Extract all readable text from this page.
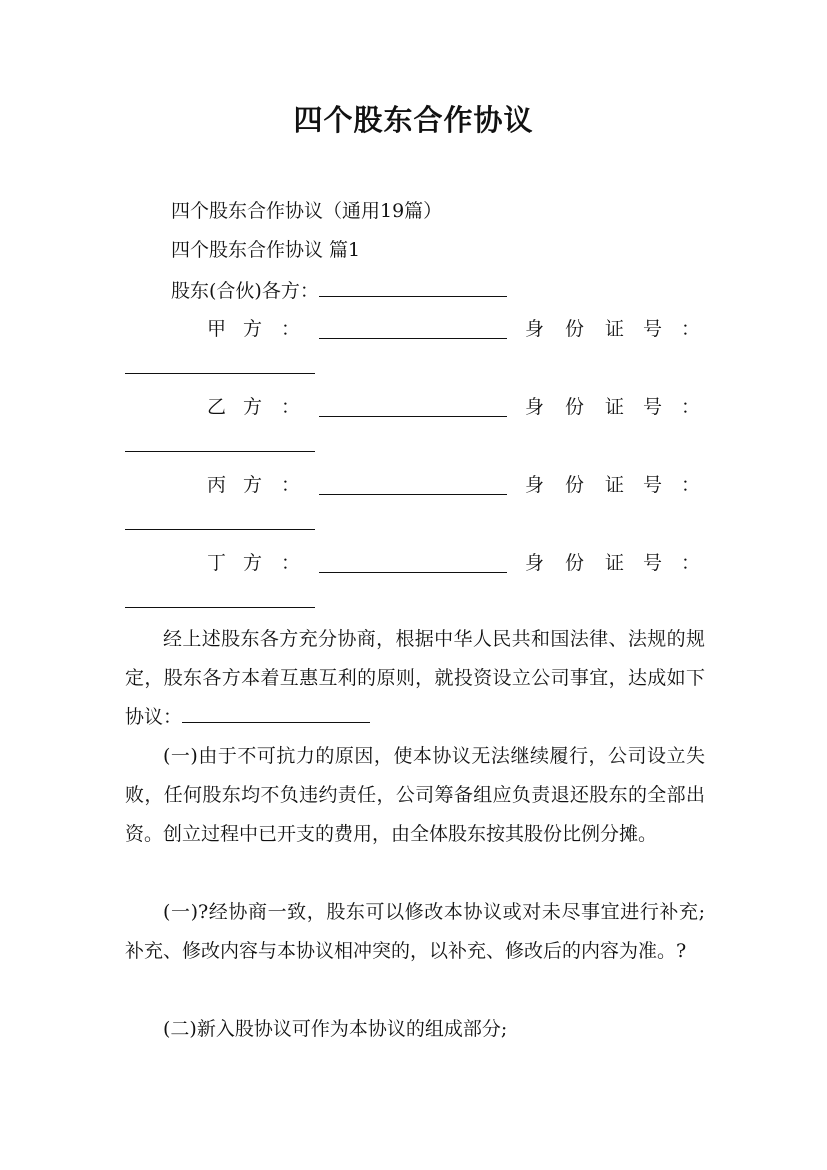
四个股东合作协议
四个股东合作协议（通用19篇）
四个股东合作协议 篇1
股东(合伙)各方：
甲 方 ：	身 份 证 号 ：
乙 方 ：	身 份 证 号 ：
丙 方 ：	身 份 证 号 ：
丁 方 ：	身 份 证 号 ：
经上述股东各方充分协商，根据中华人民共和国法律、法规的规定，股东各方本着互惠互利的原则，就投资设立公司事宜，达成如下协议：
(一)由于不可抗力的原因，使本协议无法继续履行，公司设立失败，任何股东均不负违约责任，公司筹备组应负责退还股东的全部出资。创立过程中已开支的费用，由全体股东按其股份比例分摊。
(一)?经协商一致，股东可以修改本协议或对未尽事宜进行补充;补充、修改内容与本协议相冲突的，以补充、修改后的内容为准。?
(二)新入股协议可作为本协议的组成部分;
